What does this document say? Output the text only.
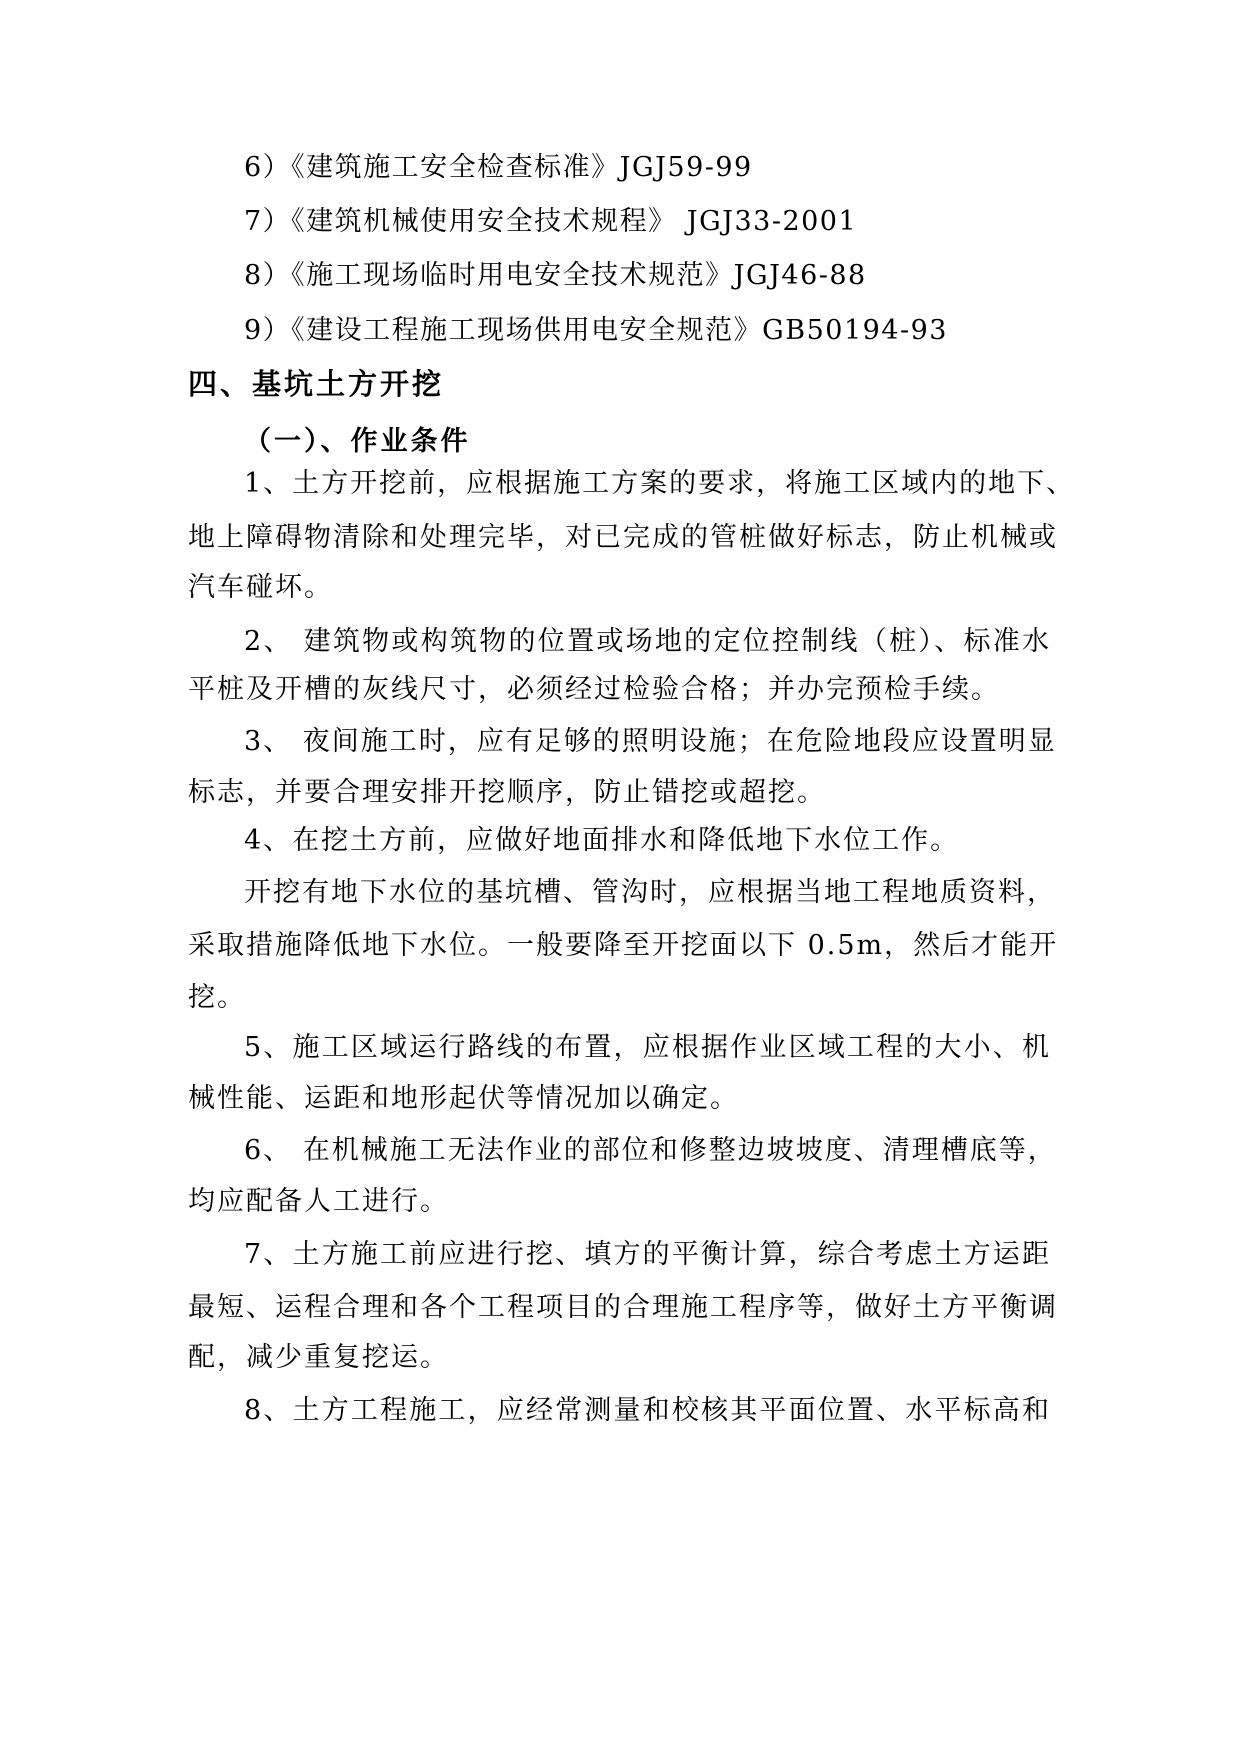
6）《建筑施工安全检查标准》JGJ59-99
7）《建筑机械使用安全技术规程》 JGJ33-2001
8）《施工现场临时用电安全技术规范》JGJ46-88
9）《建设工程施工现场供用电安全规范》GB50194-93
四、基坑土方开挖
（一）、作业条件
1、土方开挖前，应根据施工方案的要求，将施工区域内的地下、
地上障碍物清除和处理完毕，对已完成的管桩做好标志，防止机械或
汽车碰坏。
2、 建筑物或构筑物的位置或场地的定位控制线（桩）、标准水
平桩及开槽的灰线尺寸，必须经过检验合格；并办完预检手续。
3、 夜间施工时，应有足够的照明设施；在危险地段应设置明显
标志，并要合理安排开挖顺序，防止错挖或超挖。
4、在挖土方前，应做好地面排水和降低地下水位工作。
开挖有地下水位的基坑槽、管沟时，应根据当地工程地质资料，
采取措施降低地下水位。一般要降至开挖面以下 0.5m，然后才能开
挖。
5、施工区域运行路线的布置，应根据作业区域工程的大小、机
械性能、运距和地形起伏等情况加以确定。
6、 在机械施工无法作业的部位和修整边坡坡度、清理槽底等，
均应配备人工进行。
7、土方施工前应进行挖、填方的平衡计算，综合考虑土方运距
最短、运程合理和各个工程项目的合理施工程序等，做好土方平衡调
配，减少重复挖运。
8、土方工程施工，应经常测量和校核其平面位置、水平标高和
